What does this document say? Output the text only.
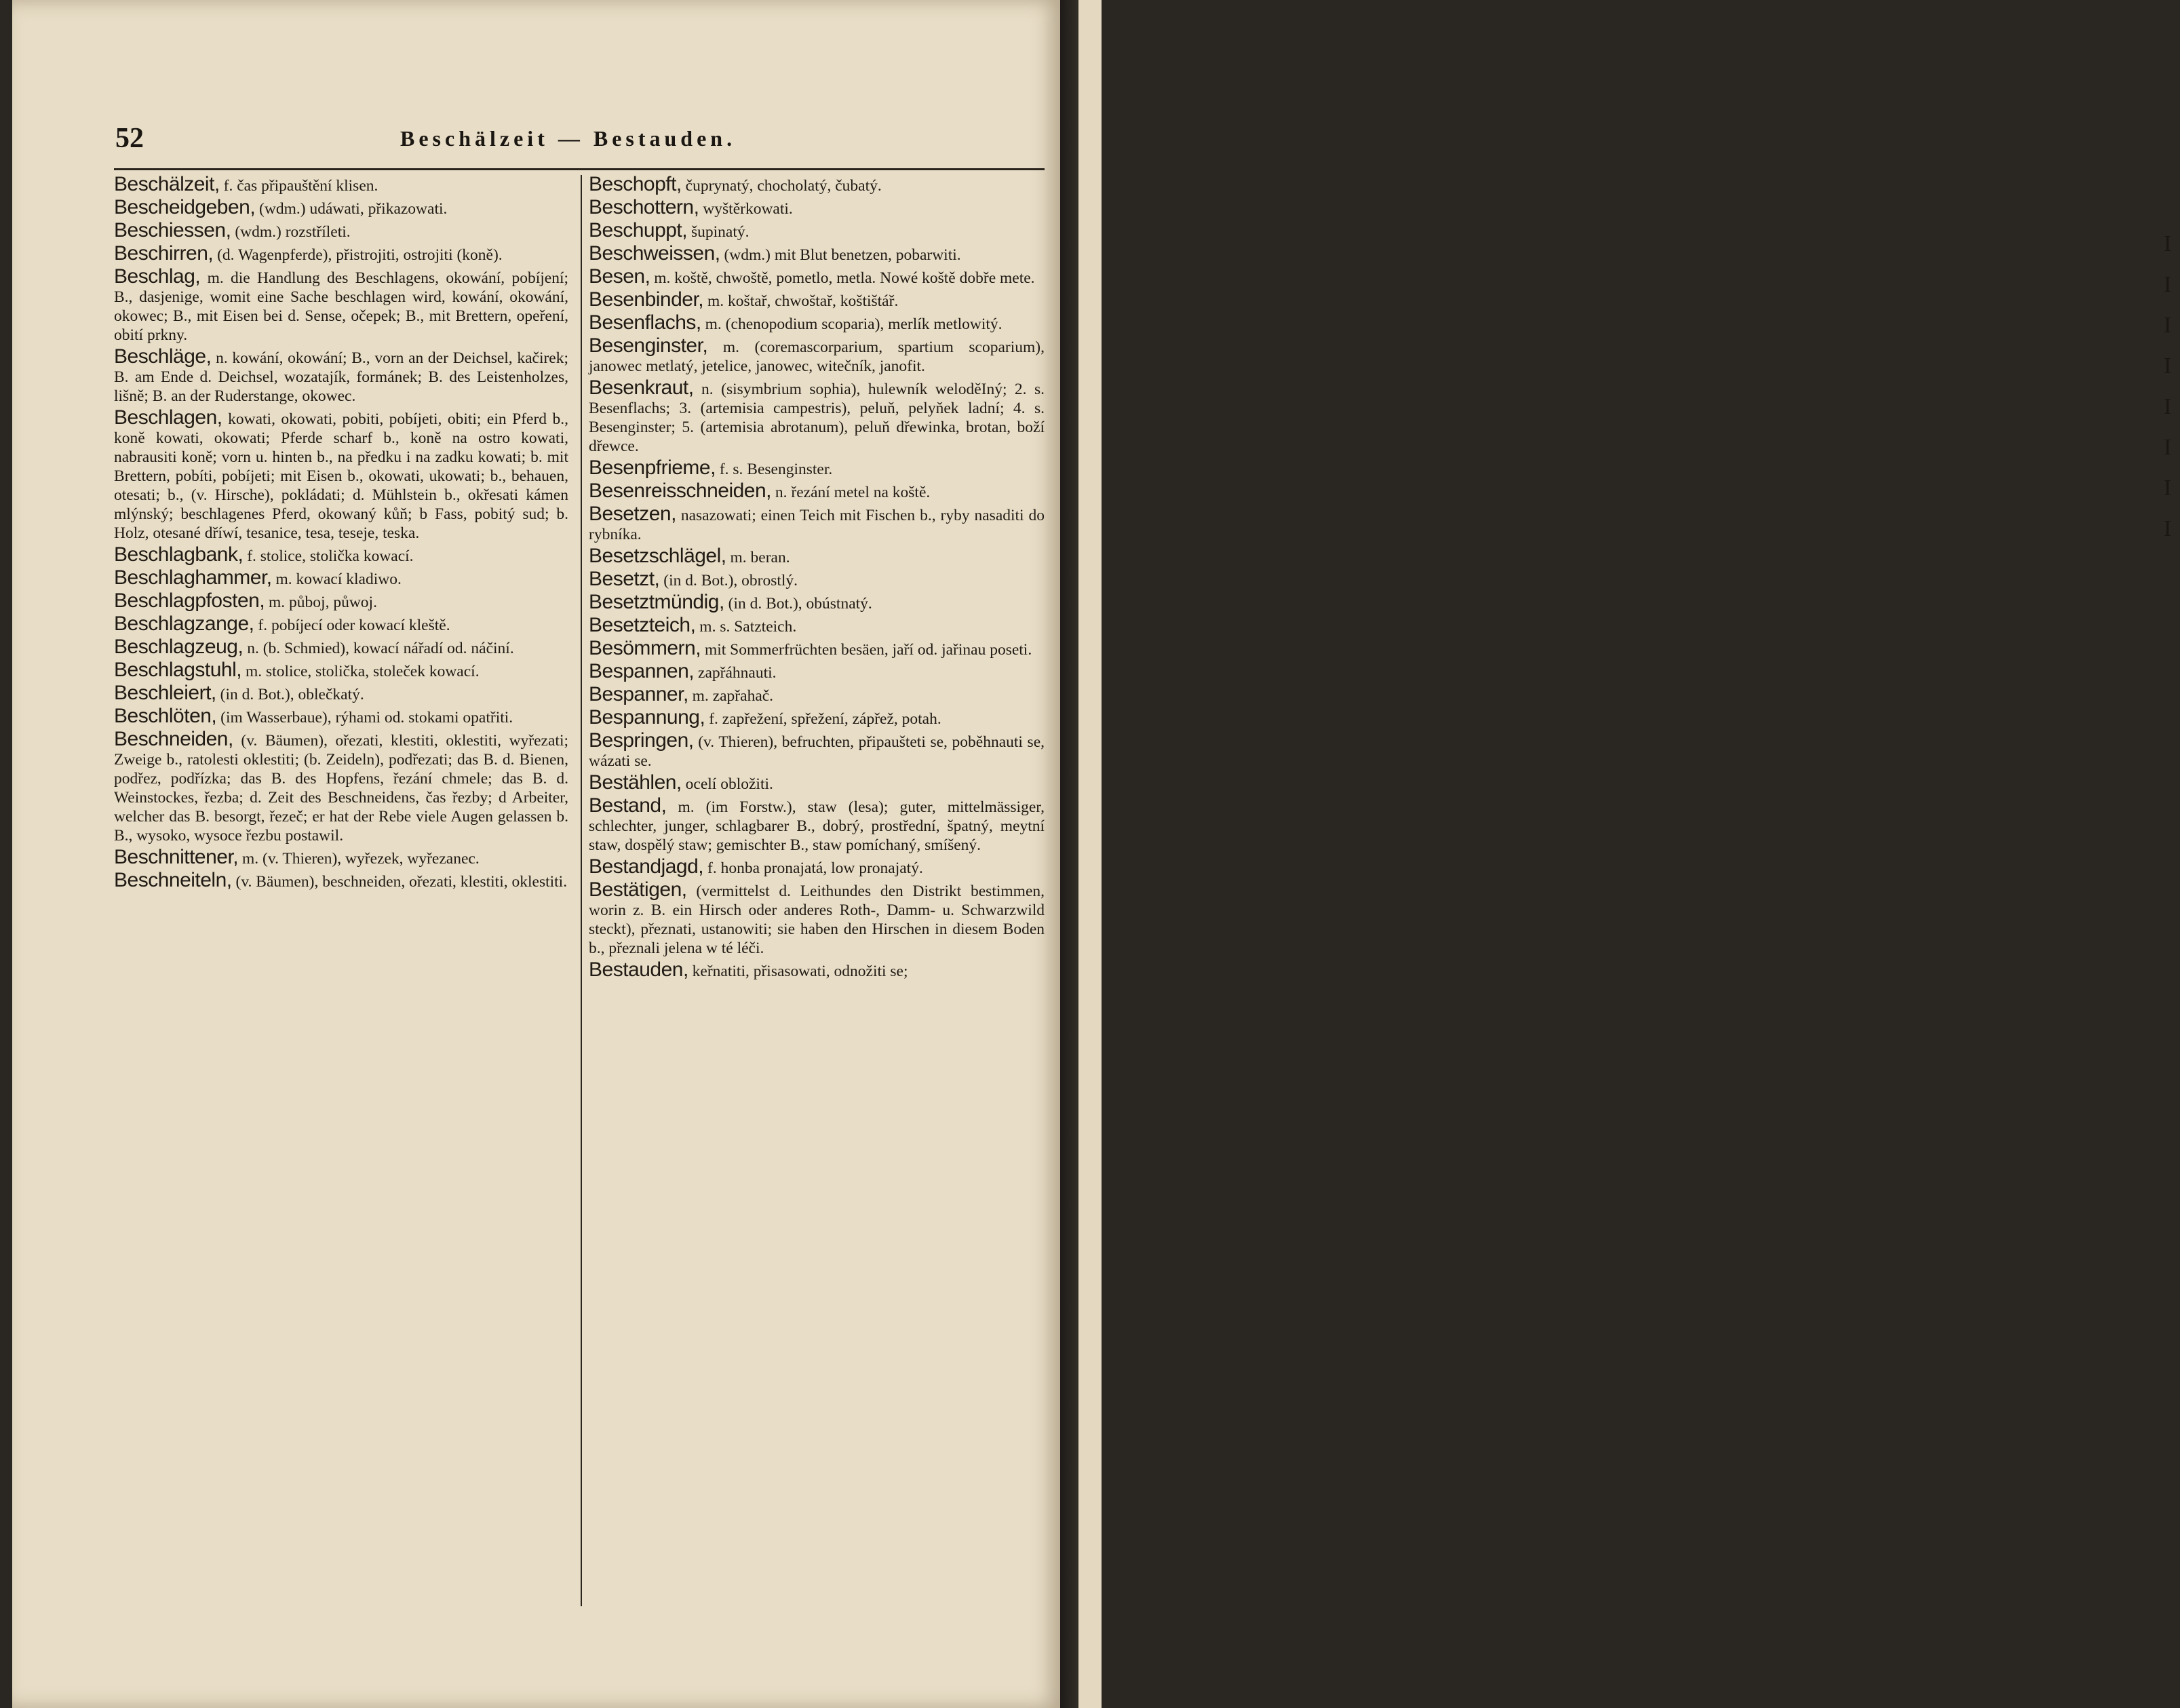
I
I
I
I
I
I
I
I
52	Beschälzeit — Bestauden.
Beschälzeit, f. čas připauštění klisen.
Bescheidgeben, (wdm.) udáwati, přikazowati.
Beschiessen, (wdm.) rozstříleti.
Beschirren, (d. Wagenpferde), přistrojiti, ostrojiti (koně).
Beschlag, m. die Handlung des Beschlagens, okowání, pobíjení; B., dasjenige, womit eine Sache beschlagen wird, kowání, okowání, okowec; B., mit Eisen bei d. Sense, očepek; B., mit Brettern, opeření, obití prkny.
Beschläge, n. kowání, okowání; B., vorn an der Deichsel, kačirek; B. am Ende d. Deichsel, wozatajík, formánek; B. des Leistenholzes, lišně; B. an der Ruderstange, okowec.
Beschlagen, kowati, okowati, pobiti, pobíjeti, obiti; ein Pferd b., koně kowati, okowati; Pferde scharf b., koně na ostro kowati, nabrausiti koně; vorn u. hinten b., na předku i na zadku kowati; b. mit Brettern, pobíti, pobíjeti; mit Eisen b., okowati, ukowati; b., behauen, otesati; b., (v. Hirsche), pokládati; d. Mühlstein b., okřesati kámen mlýnský; beschlagenes Pferd, okowaný kůň; b Fass, pobitý sud; b. Holz, otesané dříwí, tesanice, tesa, teseje, teska.
Beschlagbank, f. stolice, stolička kowací.
Beschlaghammer, m. kowací kladiwo.
Beschlagpfosten, m. půboj, půwoj.
Beschlagzange, f. pobíjecí oder kowací kleště.
Beschlagzeug, n. (b. Schmied), kowací nářadí od. náčiní.
Beschlagstuhl, m. stolice, stolička, stoleček kowací.
Beschleiert, (in d. Bot.), oblečkatý.
Beschlöten, (im Wasserbaue), rýhami od. stokami opatřiti.
Beschneiden, (v. Bäumen), ořezati, klestiti, oklestiti, wyřezati; Zweige b., ratolesti oklestiti; (b. Zeideln), podřezati; das B. d. Bienen, podřez, podřízka; das B. des Hopfens, řezání chmele; das B. d. Weinstockes, řezba; d. Zeit des Beschneidens, čas řezby; d Arbeiter, welcher das B. besorgt, řezeč; er hat der Rebe viele Augen gelassen b. B., wysoko, wysoce řezbu postawil.
Beschnittener, m. (v. Thieren), wyřezek, wyřezanec.
Beschneiteln, (v. Bäumen), beschneiden, ořezati, klestiti, oklestiti.
Beschopft, čuprynatý, chocholatý, čubatý.
Beschottern, wyštěrkowati.
Beschuppt, šupinatý.
Beschweissen, (wdm.) mit Blut benetzen, pobarwiti.
Besen, m. koště, chwoště, pometlo, metla. Nowé koště dobře mete.
Besenbinder, m. koštař, chwoštař, koštištář.
Besenflachs, m. (chenopodium scoparia), merlík metlowitý.
Besenginster, m. (coremascorparium, spartium scoparium), janowec metlatý, jetelice, janowec, witečník, janofit.
Besenkraut, n. (sisymbrium sophia), hulewník weloděIný; 2. s. Besenflachs; 3. (artemisia campestris), peluň, pelyňek ladní; 4. s. Besenginster; 5. (artemisia abrotanum), peluň dřewinka, brotan, boží dřewce.
Besenpfrieme, f. s. Besenginster.
Besenreisschneiden, n. řezání metel na koště.
Besetzen, nasazowati; einen Teich mit Fischen b., ryby nasaditi do rybníka.
Besetzschlägel, m. beran.
Besetzt, (in d. Bot.), obrostlý.
Besetztmündig, (in d. Bot.), obústnatý.
Besetzteich, m. s. Satzteich.
Besömmern, mit Sommerfrüchten besäen, jaří od. jařinau poseti.
Bespannen, zapřáhnauti.
Bespanner, m. zapřahač.
Bespannung, f. zapřežení, spřežení, zápřež, potah.
Bespringen, (v. Thieren), befruchten, připaušteti se, poběhnauti se, wázati se.
Bestählen, ocelí obložiti.
Bestand, m. (im Forstw.), staw (lesa); guter, mittelmässiger, schlechter, junger, schlagbarer B., dobrý, prostřední, špatný, meytní staw, dospělý staw; gemischter B., staw pomíchaný, smíšený.
Bestandjagd, f. honba pronajatá, low pronajatý.
Bestätigen, (vermittelst d. Leithundes den Distrikt bestimmen, worin z. B. ein Hirsch oder anderes Roth-, Damm- u. Schwarzwild steckt), přeznati, ustanowiti; sie haben den Hirschen in diesem Boden b., přeznali jelena w té léči.
Bestauden, keřnatiti, přisasowati, odnožiti se;
